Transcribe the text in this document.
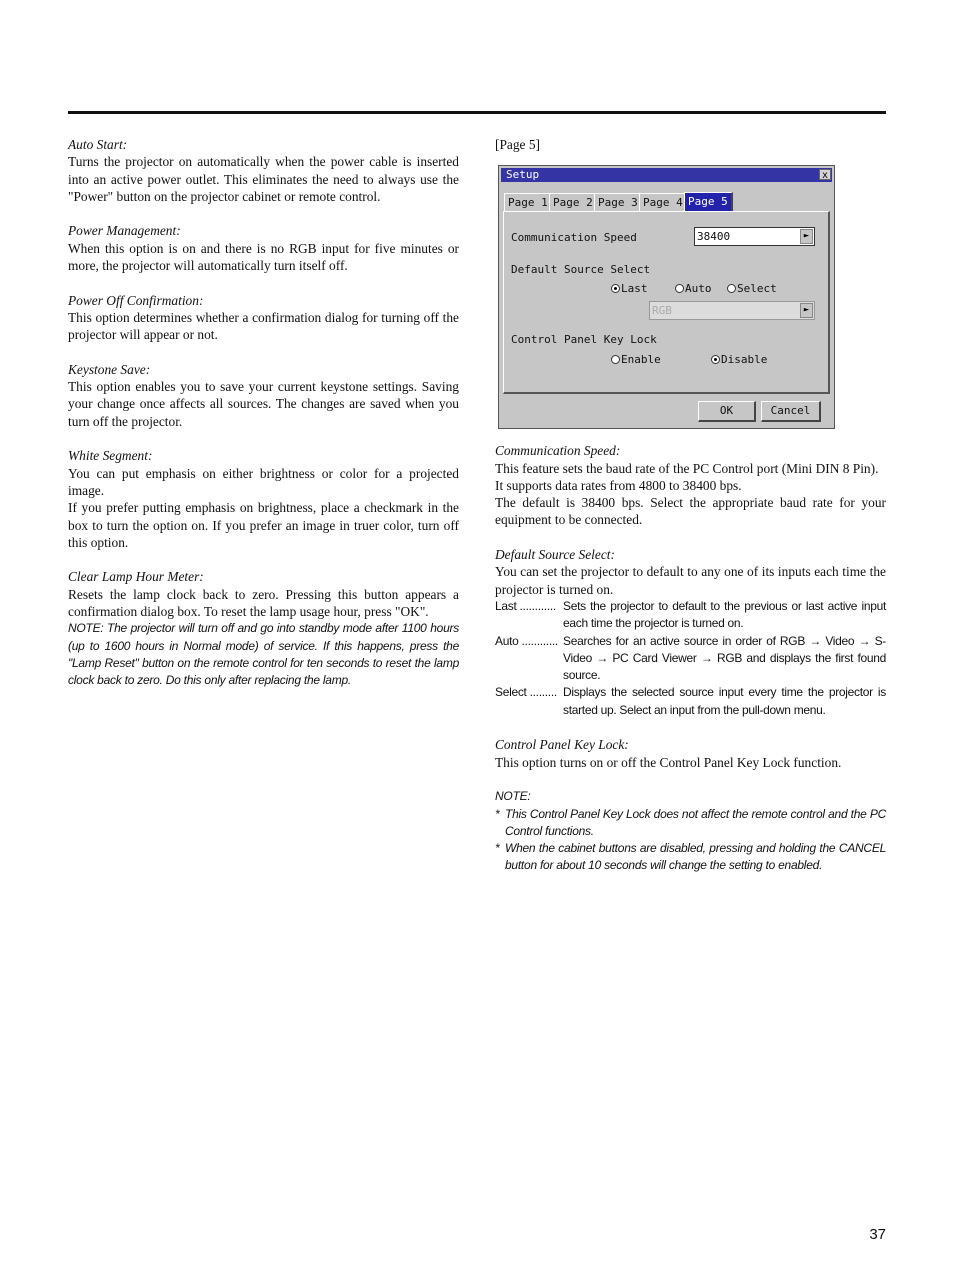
Auto Start:
Turns the projector on automatically when the power cable is inserted into an active power outlet. This eliminates the need to always use the "Power" button on the projector cabinet or remote control.
Power Management:
When this option is on and there is no RGB input for five minutes or more, the projector will automatically turn itself off.
Power Off Confirmation:
This option determines whether a confirmation dialog for turning off the projector will appear or not.
Keystone Save:
This option enables you to save your current keystone settings. Saving your change once affects all sources. The changes are saved when you turn off the projector.
White Segment:
You can put emphasis on either brightness or color for a projected image.
If you prefer putting emphasis on brightness, place a checkmark in the box to turn the option on. If you prefer an image in truer color, turn off this option.
Clear Lamp Hour Meter:
Resets the lamp clock back to zero. Pressing this button appears a confirmation dialog box. To reset the lamp usage hour, press "OK".
NOTE: The projector will turn off and go into standby mode after 1100 hours (up to 1600 hours in Normal mode) of service. If this happens, press the "Lamp Reset" button on the remote control for ten seconds to reset the lamp clock back to zero. Do this only after replacing the lamp.
[Page 5]
Setup	x
Page 1 Page 2 Page 3 Page 4 Page 5
Communication Speed	38400	►
Default Source Select
Last	Auto	Select
RGB	►
Control Panel Key Lock
Enable	Disable
OK	Cancel
Communication Speed:
This feature sets the baud rate of the PC Control port (Mini DIN 8 Pin).
It supports data rates from 4800 to 38400 bps.
The default is 38400 bps. Select the appropriate baud rate for your equipment to be connected.
Default Source Select:
You can set the projector to default to any one of its inputs each time the projector is turned on.
Last ............ Sets the projector to default to the previous or last active input each time the projector is turned on.
Auto ............ Searches for an active source in order of RGB → Video → S-Video → PC Card Viewer → RGB and displays the first found source.
Select ......... Displays the selected source input every time the projector is started up. Select an input from the pull-down menu.
Control Panel Key Lock:
This option turns on or off the Control Panel Key Lock function.
NOTE:
* This Control Panel Key Lock does not affect the remote control and the PC Control functions.
* When the cabinet buttons are disabled, pressing and holding the CANCEL button for about 10 seconds will change the setting to enabled.
37
